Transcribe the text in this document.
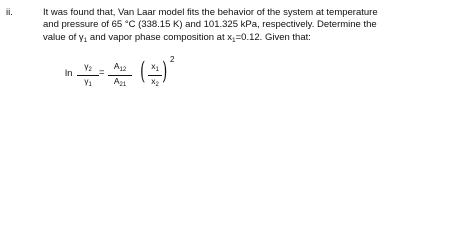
ii.	It was found that, Van Laar model fits the behavior of the system at temperature
and pressure of 65 °C (338.15 K) and 101.325 kPa, respectively. Determine the
value of $\gamma_1$ and vapor phase composition at $x_1=0.12$. Given that:

ln
$\gamma_2$
$\gamma_1$
=
$A_{12}$
$A_{21}$ ( $x_1$
$x_2$ ) 2
